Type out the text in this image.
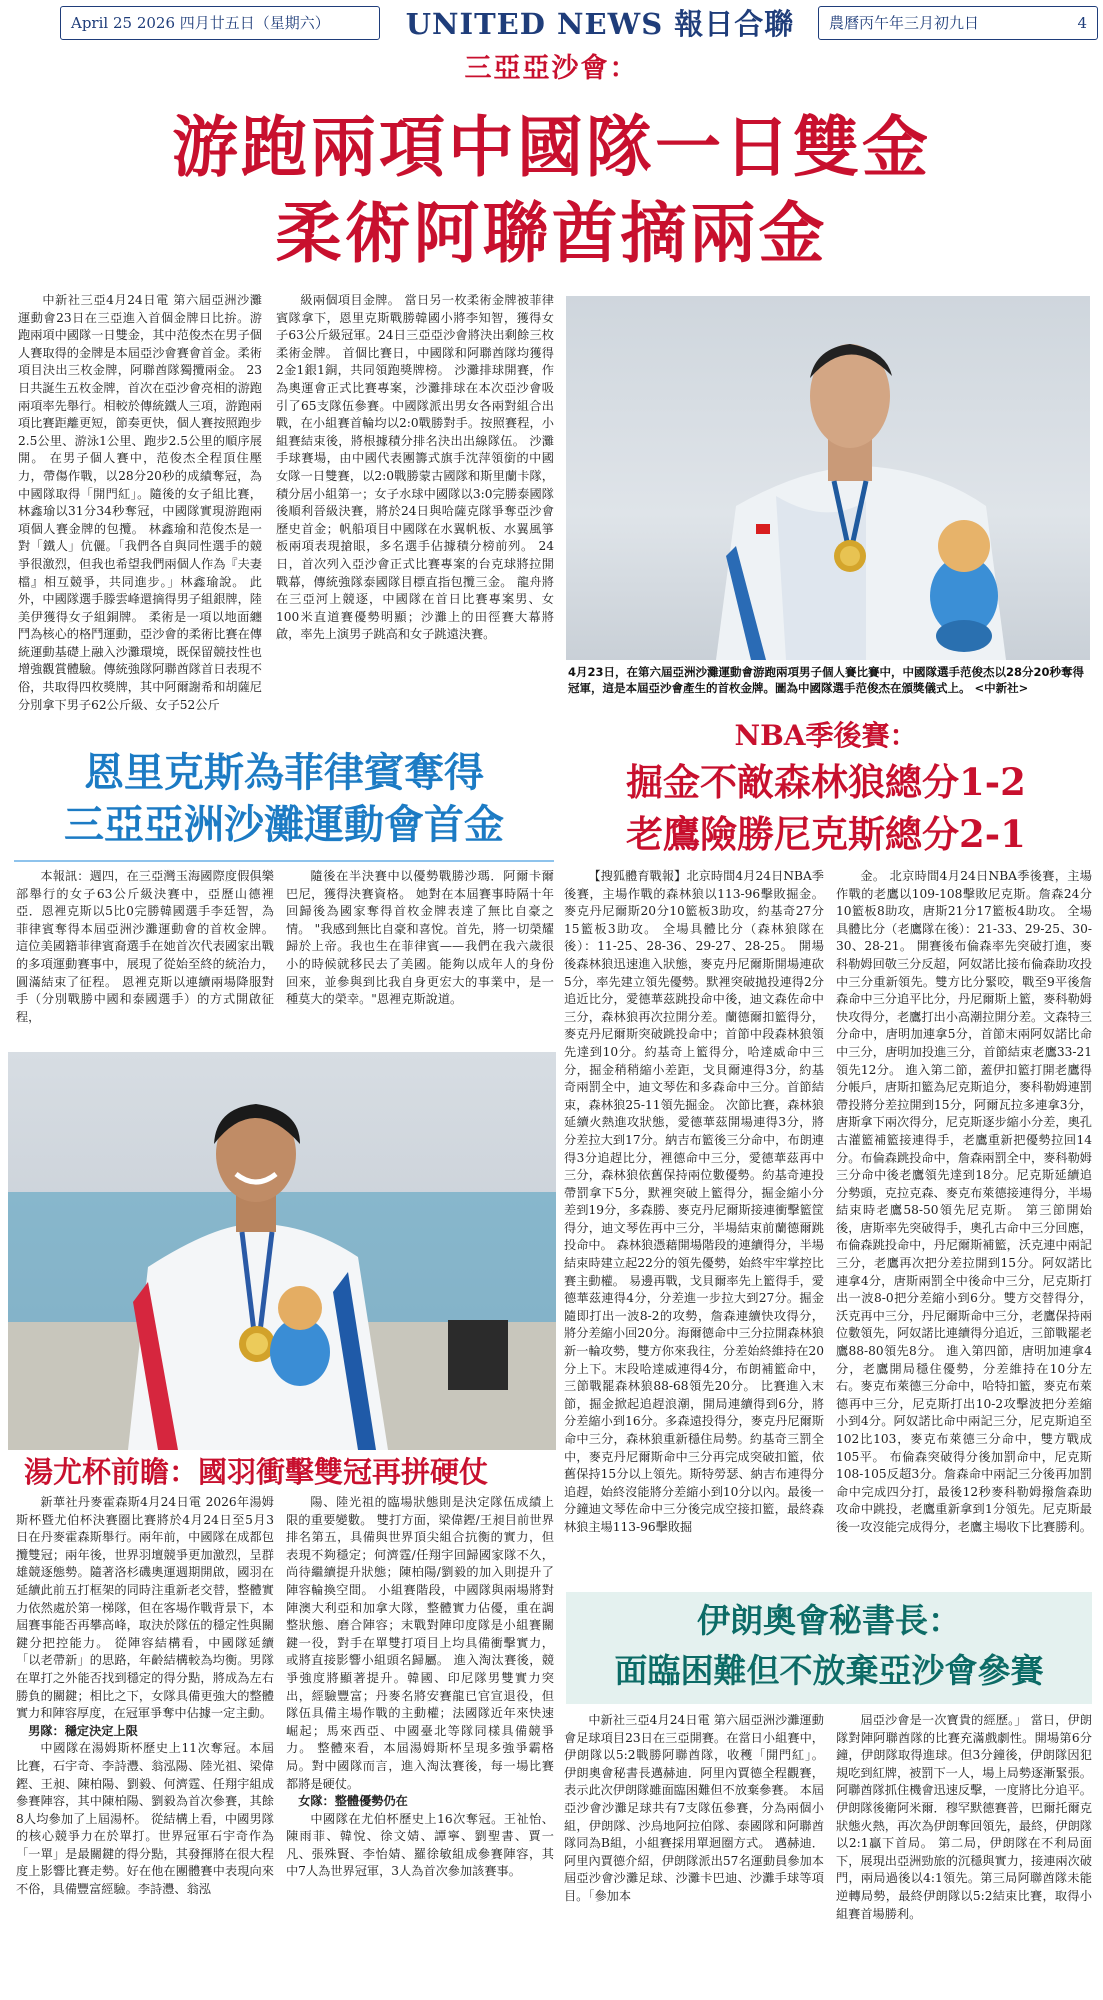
April 25 2026 四月廿五日（星期六）	UNITED NEWS 報日合聯	農曆丙午年三月初九日	4
三亞亞沙會：
游跑兩項中國隊一日雙金
柔術阿聯酋摘兩金

中新社三亞4月24日電 第六屆亞洲沙灘運動會23日在三亞進入首個金牌日比拚。游跑兩項中國隊一日雙金，其中范俊杰在男子個人賽取得的金牌是本屆亞沙會賽會首金。柔術項目決出三枚金牌，阿聯酋隊獨攬兩金。 23日共誕生五枚金牌，首次在亞沙會亮相的游跑兩項率先舉行。相較於傳統鐵人三項，游跑兩項比賽距離更短，節奏更快，個人賽按照跑步2.5公里、游泳1公里、跑步2.5公里的順序展開。 在男子個人賽中，范俊杰全程頂住壓力，帶傷作戰，以28分20秒的成績奪冠，為中國隊取得「開門紅」。隨後的女子組比賽，林鑫瑜以31分34秒奪冠，中國隊實現游跑兩項個人賽金牌的包攬。 林鑫瑜和范俊杰是一對「鐵人」伉儷。「我們各自與同性選手的競爭很激烈，但我也希望我們兩個人作為『夫妻檔』相互競爭，共同進步。」林鑫瑜說。 此外，中國隊選手滕雲峰還摘得男子組銀牌，陸美伊獲得女子組銅牌。 柔術是一項以地面纏鬥為核心的格鬥運動，亞沙會的柔術比賽在傳統運動基礎上融入沙灘環境，既保留競技性也增強觀賞體驗。傳統強隊阿聯酋隊首日表現不俗，共取得四枚獎牌，其中阿爾謝希和胡薩尼分別拿下男子62公斤級、女子52公斤

級兩個項目金牌。 當日另一枚柔術金牌被菲律賓隊拿下，恩里克斯戰勝韓國小將李知智，獲得女子63公斤級冠軍。24日三亞亞沙會將決出剩餘三枚柔術金牌。 首個比賽日，中國隊和阿聯酋隊均獲得2金1銀1銅，共同領跑獎牌榜。 沙灘排球開賽，作為奧運會正式比賽專案，沙灘排球在本次亞沙會吸引了65支隊伍參賽。中國隊派出男女各兩對組合出戰，在小組賽首輪均以2:0戰勝對手。按照賽程，小組賽結束後，將根據積分排名決出出線隊伍。 沙灘手球賽場，由中國代表團籌式旗手沈萍領銜的中國女隊一日雙賽，以2:0戰勝蒙古國隊和斯里蘭卡隊，積分居小組第一；女子水球中國隊以3:0完勝泰國隊後順利晉級決賽，將於24日與哈薩克隊爭奪亞沙會歷史首金；帆船項目中國隊在水翼帆板、水翼風箏板兩項表現搶眼，多名選手佔據積分榜前列。 24日，首次列入亞沙會正式比賽專案的台克球將拉開戰幕，傳統強隊泰國隊目標直指包攬三金。 龍舟將在三亞河上競逐，中國隊在首日比賽專案男、女100米直道賽優勢明顯；沙灘上的田徑賽大幕將啟，率先上演男子跳高和女子跳遠決賽。

4月23日，在第六屆亞洲沙灘運動會游跑兩項男子個人賽比賽中，中國隊選手范俊杰以28分20秒奪得冠軍，這是本屆亞沙會產生的首枚金牌。圖為中國隊選手范俊杰在頒獎儀式上。 <中新社>
恩里克斯為菲律賓奪得
三亞亞洲沙灘運動會首金

本報訊：週四，在三亞灣玉海國際度假俱樂部舉行的女子63公斤級決賽中，亞歷山德裡亞．恩裡克斯以5比0完勝韓國選手李廷智，為菲律賓奪得本屆亞洲沙灘運動會的首枚金牌。 這位美國籍菲律賓裔選手在她首次代表國家出戰的多項運動賽事中，展現了從始至終的統治力，圓滿結束了征程。 恩裡克斯以連續兩場降服對手（分別戰勝中國和泰國選手）的方式開啟征程，

隨後在半決賽中以優勢戰勝沙瑪．阿爾卡爾巴尼，獲得決賽資格。 她對在本屆賽事時隔十年回歸後為國家奪得首枚金牌表達了無比自豪之情。 "我感到無比自豪和喜悅。首先，將一切榮耀歸於上帝。我也生在菲律賓——我們在我六歲很小的時候就移民去了美國。能夠以成年人的身份回來，並參與到比我自身更宏大的事業中，是一種莫大的榮幸。"恩裡克斯說道。

湯尤杯前瞻：國羽衝擊雙冠再拼硬仗

新華社丹麥霍森斯4月24日電 2026年湯姆斯杯暨尤伯杯決賽圈比賽將於4月24日至5月3日在丹麥霍森斯舉行。兩年前，中國隊在成都包攬雙冠；兩年後，世界羽壇競爭更加激烈，呈群雄競逐態勢。隨著洛杉磯奧運週期開啟，國羽在延續此前五打框架的同時注重新老交替，整體實力依然處於第一梯隊，但在客場作戰背景下，本屆賽事能否再攀高峰，取決於隊伍的穩定性與關鍵分把控能力。 從陣容結構看，中國隊延續「以老帶新」的思路，年齡結構較為均衡。男隊在單打之外能否找到穩定的得分點，將成為左右勝負的關鍵；相比之下，女隊具備更強大的整體實力和陣容厚度，在冠軍爭奪中佔據一定主動。

男隊：穩定決定上限

中國隊在湯姆斯杯歷史上11次奪冠。本屆比賽，石宇奇、李詩灃、翁泓陽、陸光祖、梁偉鏗、王昶、陳柏陽、劉毅、何濟霆、任翔宇組成參賽陣容，其中陳柏陽、劉毅為首次參賽，其餘8人均參加了上屆湯杯。 從結構上看，中國男隊的核心競爭力在於單打。世界冠軍石宇奇作為「一單」是最關鍵的得分點，其發揮將在很大程度上影響比賽走勢。好在他在團體賽中表現向來不俗，具備豐富經驗。李詩灃、翁泓

陽、陸光祖的臨場狀態則是決定隊伍成績上限的重要變數。 雙打方面，梁偉鏗/王昶目前世界排名第五，具備與世界頂尖組合抗衡的實力，但表現不夠穩定；何濟霆/任翔宇回歸國家隊不久，尚待繼續提升狀態；陳柏陽/劉毅的加入則提升了陣容輪換空間。 小組賽階段，中國隊與兩場將對陣澳大利亞和加拿大隊，整體實力佔優，重在調整狀態、磨合陣容；末戰對陣印度隊是小組賽關鍵一役，對手在單雙打項目上均具備衝擊實力，或將直接影響小組頭名歸屬。 進入淘汰賽後，競爭強度將顯著提升。韓國、印尼隊男雙實力突出，經驗豐富；丹麥名將安賽龍已官宣退役，但隊伍具備主場作戰的主動權；法國隊近年來快速崛起；馬來西亞、中國臺北等隊同樣具備競爭力。 整體來看，本屆湯姆斯杯呈現多強爭霸格局。對中國隊而言，進入淘汰賽後，每一場比賽都將是硬仗。

女隊：整體優勢仍在

中國隊在尤伯杯歷史上16次奪冠。王祉怡、陳雨菲、韓悅、徐文婧、譚寧、劉聖書、賈一凡、張殊賢、李怡婧、羅徐敏組成參賽陣容，其中7人為世界冠軍，3人為首次參加該賽事。

NBA季後賽：
掘金不敵森林狼總分1-2
老鷹險勝尼克斯總分2-1

【搜狐體育戰報】北京時間4月24日NBA季後賽，主場作戰的森林狼以113-96擊敗掘金。麥克丹尼爾斯20分10籃板3助攻，約基奇27分15籃板3助攻。 全場具體比分（森林狼隊在後）：11-25、28-36、29-27、28-25。 開場後森林狼迅速進入狀態，麥克丹尼爾斯開場連砍5分，率先建立領先優勢。默裡突破拋投連得2分追近比分，愛德華茲跳投命中後，迪文森佐命中三分，森林狼再次拉開分差。蘭德爾扣籃得分，麥克丹尼爾斯突破跳投命中；首節中段森林狼領先達到10分。約基奇上籃得分，哈達威命中三分，掘金稍稍縮小差距，戈貝爾連得3分，約基奇兩罰全中，迪文琴佐和多森命中三分。首節結束，森林狼25-11領先掘金。 次節比賽，森林狼延續火熱進攻狀態，愛德華茲開場連得3分，將分差拉大到17分。納吉布籃後三分命中，布朗連得3分追趕比分，裡德命中三分，愛德華茲再中三分，森林狼依舊保持兩位數優勢。約基奇連投帶罰拿下5分，默裡突破上籃得分，掘金縮小分差到19分，多森勝、麥克丹尼爾斯接連衝擊籃筐得分，迪文琴佐再中三分，半場結束前蘭德爾跳投命中。 森林狼憑藉開場階段的連續得分，半場結束時建立起22分的領先優勢，始終牢牢掌控比賽主動權。 易邊再戰，戈貝爾率先上籃得手，愛德華茲連得4分，分差進一步拉大到27分。掘金隨即打出一波8-2的攻勢，詹森連續快攻得分，將分差縮小回20分。海爾德命中三分拉開森林狼新一輪攻勢，雙方你來我往，分差始終維持在20分上下。末段哈達威連得4分，布朗補籃命中，三節戰罷森林狼88-68領先20分。 比賽進入末節，掘金掀起追趕浪潮，開局連續得到6分，將分差縮小到16分。多森遠投得分，麥克丹尼爾斯命中三分，森林狼重新穩住局勢。約基奇三罰全中，麥克丹尼爾斯命中三分再完成突破扣籃，依舊保持15分以上領先。斯特勞瑟、納吉布連得分追趕，始終沒能將分差縮小到10分以內。最後一分鐘迪文琴佐命中三分後完成空接扣籃，最終森林狼主場113-96擊敗掘

金。 北京時間4月24日NBA季後賽，主場作戰的老鷹以109-108擊敗尼克斯。詹森24分10籃板8助攻，唐斯21分17籃板4助攻。 全場具體比分（老鷹隊在後）：21-33、29-25、30-30、28-21。 開賽後布倫森率先突破打進，麥科勒姆回敬三分反超，阿奴諾比接布倫森助攻投中三分重新領先。雙方比分緊咬，戰至9平後詹森命中三分追平比分，丹尼爾斯上籃，麥科勒姆快攻得分，老鷹打出小高潮拉開分差。文森特三分命中，唐明加連拿5分，首節末兩阿奴諾比命中三分，唐明加投進三分，首節結束老鷹33-21領先12分。 進入第二節，蓋伊扣籃打開老鷹得分帳戶，唐斯扣籃為尼克斯追分，麥科勒姆連罰帶投將分差拉開到15分，阿爾瓦拉多連拿3分，唐斯拿下兩次得分，尼克斯逐步縮小分差，奧孔古灌籃補籃接連得手，老鷹重新把優勢拉回14分。布倫森跳投命中，詹森兩罰全中，麥科勒姆三分命中後老鷹領先達到18分。尼克斯延續追分勢頭，克拉克森、麥克布萊德接連得分，半場結束時老鷹58-50領先尼克斯。 第三節開始後，唐斯率先突破得手，奧孔古命中三分回應，布倫森跳投命中，丹尼爾斯補籃，沃克連中兩記三分，老鷹再次把分差拉開到15分。阿奴諾比連拿4分，唐斯兩罰全中後命中三分，尼克斯打出一波8-0把分差縮小到6分。雙方交替得分，沃克再中三分，丹尼爾斯命中三分，老鷹保持兩位數領先，阿奴諾比連續得分追近，三節戰罷老鷹88-80領先8分。 進入第四節，唐明加連拿4分，老鷹開局穩住優勢，分差維持在10分左右。麥克布萊德三分命中，哈特扣籃，麥克布萊德再中三分，尼克斯打出10-2攻擊波把分差縮小到4分。阿奴諾比命中兩記三分，尼克斯追至102比103，麥克布萊德三分命中，雙方戰成105平。 布倫森突破得分後加罰命中，尼克斯108-105反超3分。詹森命中兩記三分後再加罰命中完成四分打，最後12秒麥科勒姆撥詹森助攻命中跳投，老鷹重新拿到1分領先。尼克斯最後一攻沒能完成得分，老鷹主場收下比賽勝利。

伊朗奧會秘書長：
面臨困難但不放棄亞沙會參賽

中新社三亞4月24日電 第六屆亞洲沙灘運動會足球項目23日在三亞開賽。在當日小組賽中，伊朗隊以5:2戰勝阿聯酋隊，收穫「開門紅」。 伊朗奧會秘書長邁赫迪．阿里內賈德全程觀賽，表示此次伊朗隊雖面臨困難但不放棄參賽。 本屆亞沙會沙灘足球共有7支隊伍參賽，分為兩個小組，伊朗隊、沙烏地阿拉伯隊、泰國隊和阿聯酋隊同為B組，小組賽採用單迴圈方式。 邁赫迪．阿里內賈德介紹，伊朗隊派出57名運動員參加本屆亞沙會沙灘足球、沙灘卡巴迪、沙灘手球等項目。「參加本

屆亞沙會是一次寶貴的經歷。」 當日，伊朗隊對陣阿聯酋隊的比賽充滿戲劇性。開場第6分鐘，伊朗隊取得進球。但3分鐘後，伊朗隊因犯規吃到紅牌，被罰下一人，場上局勢逐漸緊張。阿聯酋隊抓住機會迅速反擊，一度將比分追平。伊朗隊後衛阿米爾．穆罕默德賽普，巴爾托爾克狀態火熱，再次為伊朗奪回領先，最終，伊朗隊以2:1贏下首局。 第二局，伊朗隊在不利局面下，展現出亞洲勁旅的沉穩與實力，接連兩次破門，兩局過後以4:1領先。第三局阿聯酋隊未能逆轉局勢，最終伊朗隊以5:2結束比賽，取得小組賽首場勝利。
